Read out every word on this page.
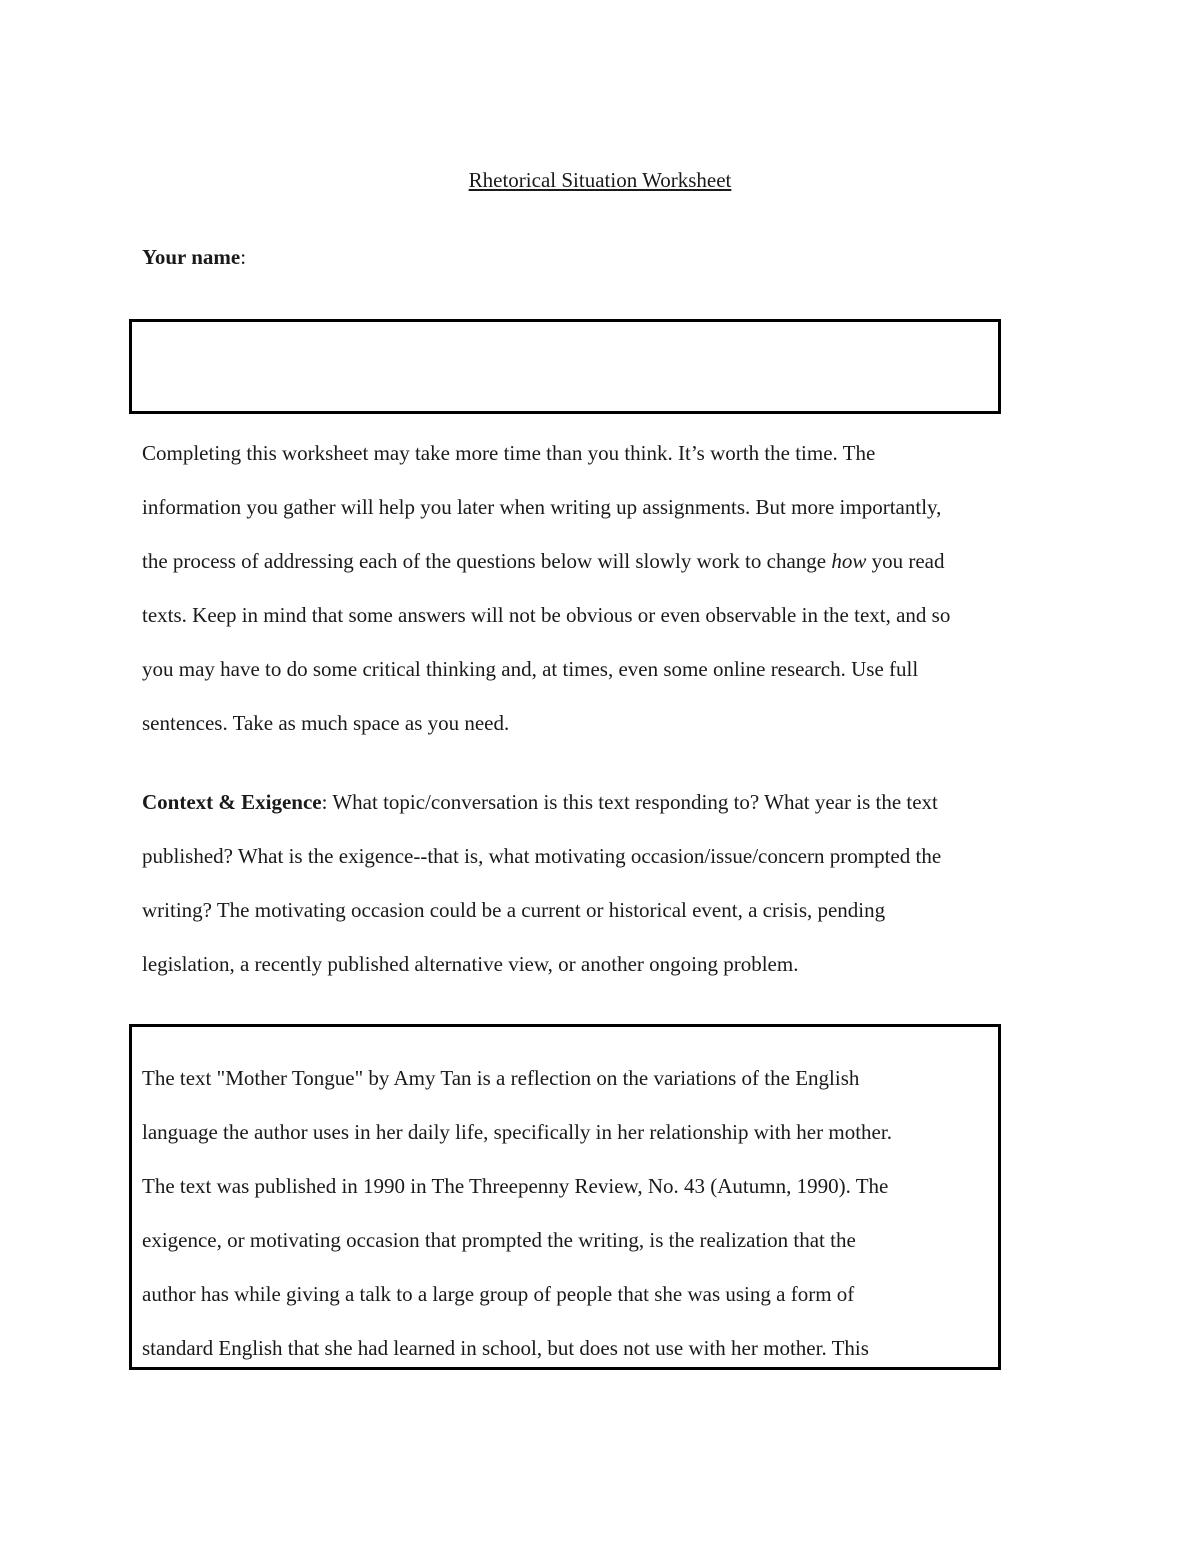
Rhetorical Situation Worksheet
Your name:

Completing this worksheet may take more time than you think. It’s worth the time. The
information you gather will help you later when writing up assignments. But more importantly,
the process of addressing each of the questions below will slowly work to change how you read
texts. Keep in mind that some answers will not be obvious or even observable in the text, and so
you may have to do some critical thinking and, at times, even some online research. Use full
sentences. Take as much space as you need.

Context & Exigence: What topic/conversation is this text responding to? What year is the text
published? What is the exigence--that is, what motivating occasion/issue/concern prompted the
writing? The motivating occasion could be a current or historical event, a crisis, pending
legislation, a recently published alternative view, or another ongoing problem.

The text "Mother Tongue" by Amy Tan is a reflection on the variations of the English
language the author uses in her daily life, specifically in her relationship with her mother.
The text was published in 1990 in The Threepenny Review, No. 43 (Autumn, 1990). The
exigence, or motivating occasion that prompted the writing, is the realization that the
author has while giving a talk to a large group of people that she was using a form of
standard English that she had learned in school, but does not use with her mother. This
